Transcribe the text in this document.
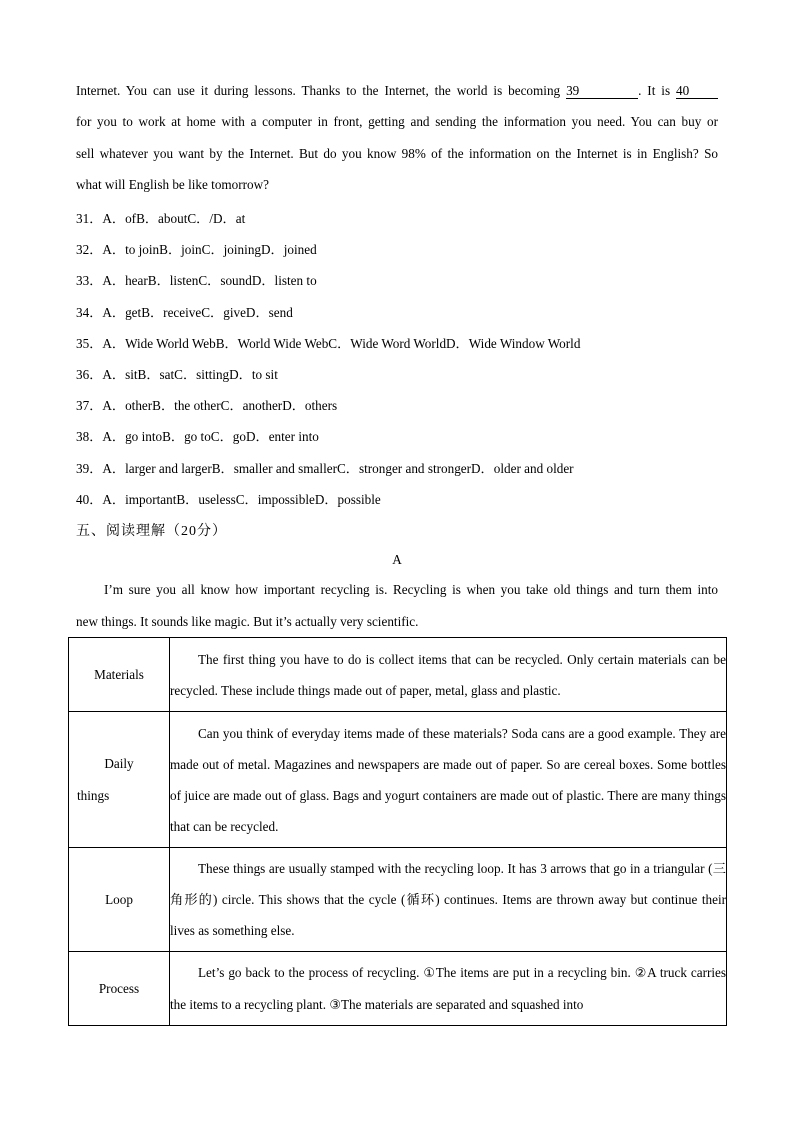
Internet. You can use it during lessons. Thanks to the Internet, the world is becoming 39	. It is 40
for you to work at home with a computer in front, getting and sending the information you need. You can buy or
sell whatever you want by the Internet. But do you know 98% of the information on the Internet is in English? So
what will English be like tomorrow?
31．A．ofB．aboutC．/D．at
32．A．to joinB．joinC．joiningD．joined
33．A．hearB．listenC．soundD．listen to
34．A．getB．receiveC．giveD．send
35．A．Wide World WebB．World Wide WebC．Wide Word WorldD．Wide Window World
36．A．sitB．satC．sittingD．to sit
37．A．otherB．the otherC．anotherD．others
38．A．go intoB．go toC．goD．enter into
39．A．larger and largerB．smaller and smallerC．stronger and strongerD．older and older
40．A．importantB．uselessC．impossibleD．possible
五、阅读理解（20分）
A
I’m sure you all know how important recycling is. Recycling is when you take old things and turn them into
new things. It sounds like magic. But it’s actually very scientific.
Materials	The first thing you have to do is collect items that can be recycled. Only certain materials can be recycled. These include things made out of paper, metal, glass and plastic.

Daily
things	Can you think of everyday items made of these materials? Soda cans are a good example. They are made out of metal. Magazines and newspapers are made out of paper. So are cereal boxes. Some bottles of juice are made out of glass. Bags and yogurt containers are made out of plastic. There are many things that can be recycled.
Loop	These things are usually stamped with the recycling loop. It has 3 arrows that go in a triangular (三角形的) circle. This shows that the cycle (循环) continues. Items are thrown away but continue their lives as something else.
Process	Let’s go back to the process of recycling. ①The items are put in a recycling bin. ②A truck carries the items to a recycling plant. ③The materials are separated and squashed into
